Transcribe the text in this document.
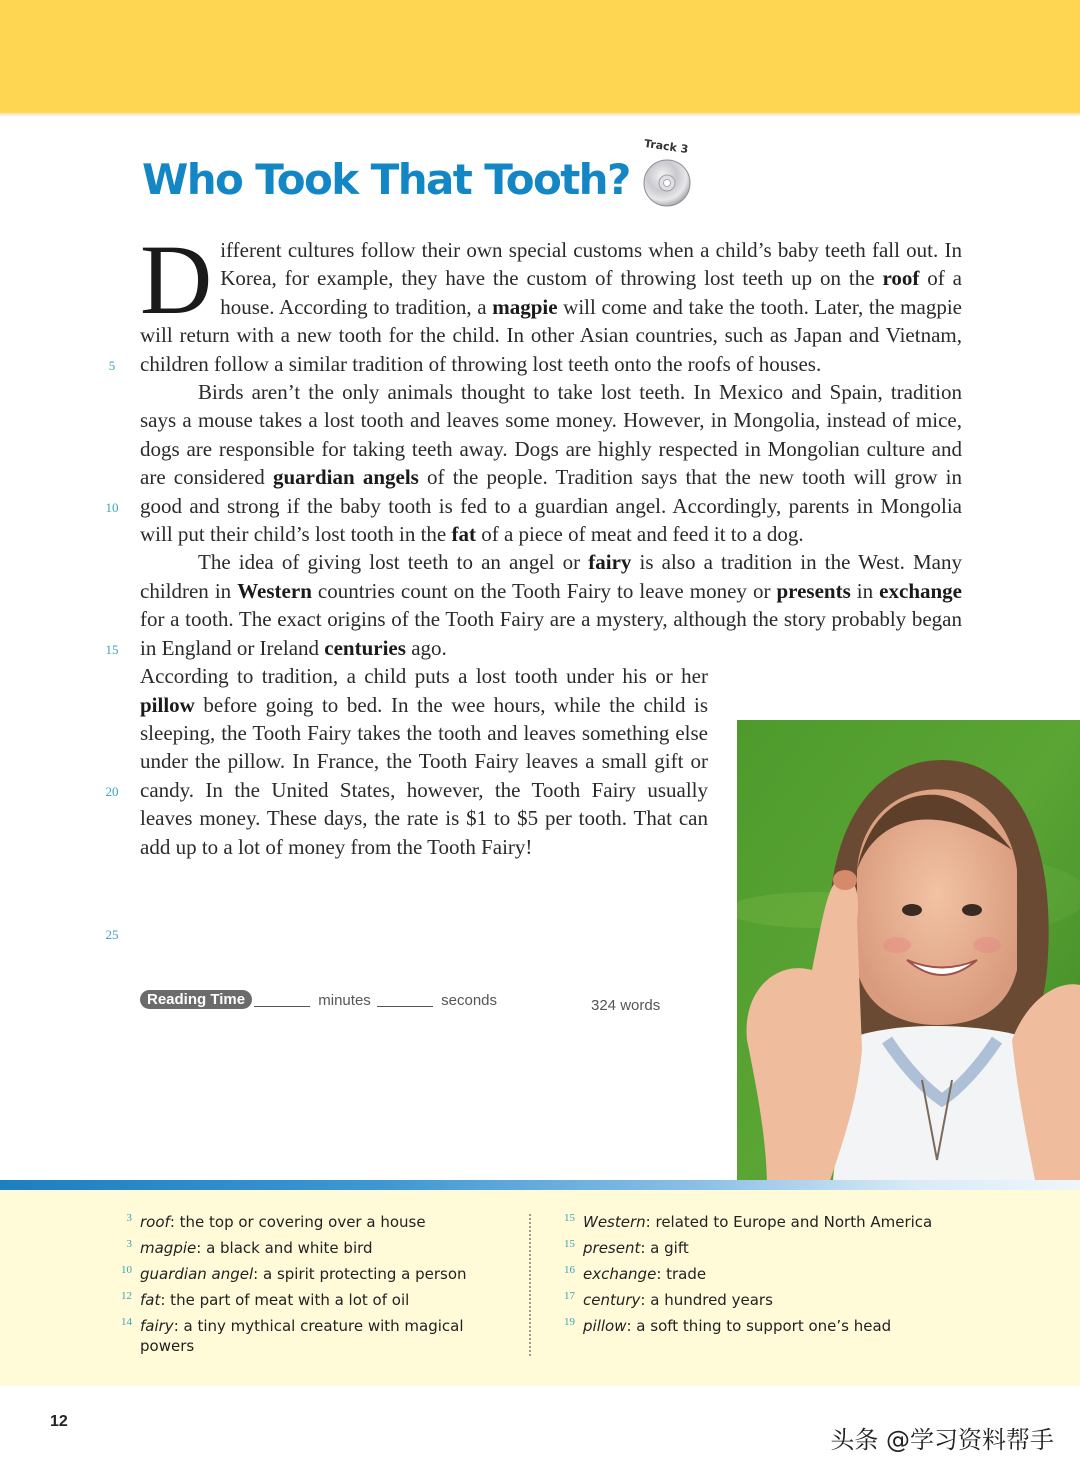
Who Took That Tooth?
Track 3

Different cultures follow their own special customs when a child’s baby teeth fall out. In Korea, for example, they have the custom of throwing lost teeth up on the roof of a house. According to tradition, a magpie will come and take the tooth. Later, the magpie will return with a new tooth for the child. In other Asian countries, such as Japan and Vietnam, children follow a similar tradition of throwing lost teeth onto the roofs of houses.

Birds aren’t the only animals thought to take lost teeth. In Mexico and Spain, tradition says a mouse takes a lost tooth and leaves some money. However, in Mongolia, instead of mice, dogs are responsible for taking teeth away. Dogs are highly respected in Mongolian culture and are considered guardian angels of the people. Tradition says that the new tooth will grow in good and strong if the baby tooth is fed to a guardian angel. Accordingly, parents in Mongolia will put their child’s lost tooth in the fat of a piece of meat and feed it to a dog.

The idea of giving lost teeth to an angel or fairy is also a tradition in the West. Many children in Western countries count on the Tooth Fairy to leave money or presents in exchange for a tooth. The exact origins of the Tooth Fairy are a mystery, although the story probably began in England or Ireland centuries ago.

According to tradition, a child puts a lost tooth under his or her pillow before going to bed. In the wee hours, while the child is sleeping, the Tooth Fairy takes the tooth and leaves something else under the pillow. In France, the Tooth Fairy leaves a small gift or candy. In the United States, however, the Tooth Fairy usually leaves money. These days, the rate is $1 to $5 per tooth. That can add up to a lot of money from the Tooth Fairy!

5
10
15
20
25
Reading Time	minutes	seconds	324 words
3 roof: the top or covering over a house
3 magpie: a black and white bird
10 guardian angel: a spirit protecting a person
12 fat: the part of meat with a lot of oil
14 fairy: a tiny mythical creature with magical powers
15 Western: related to Europe and North America
15 present: a gift
16 exchange: trade
17 century: a hundred years
19 pillow: a soft thing to support one’s head
12
头条 @学习资料帮手
